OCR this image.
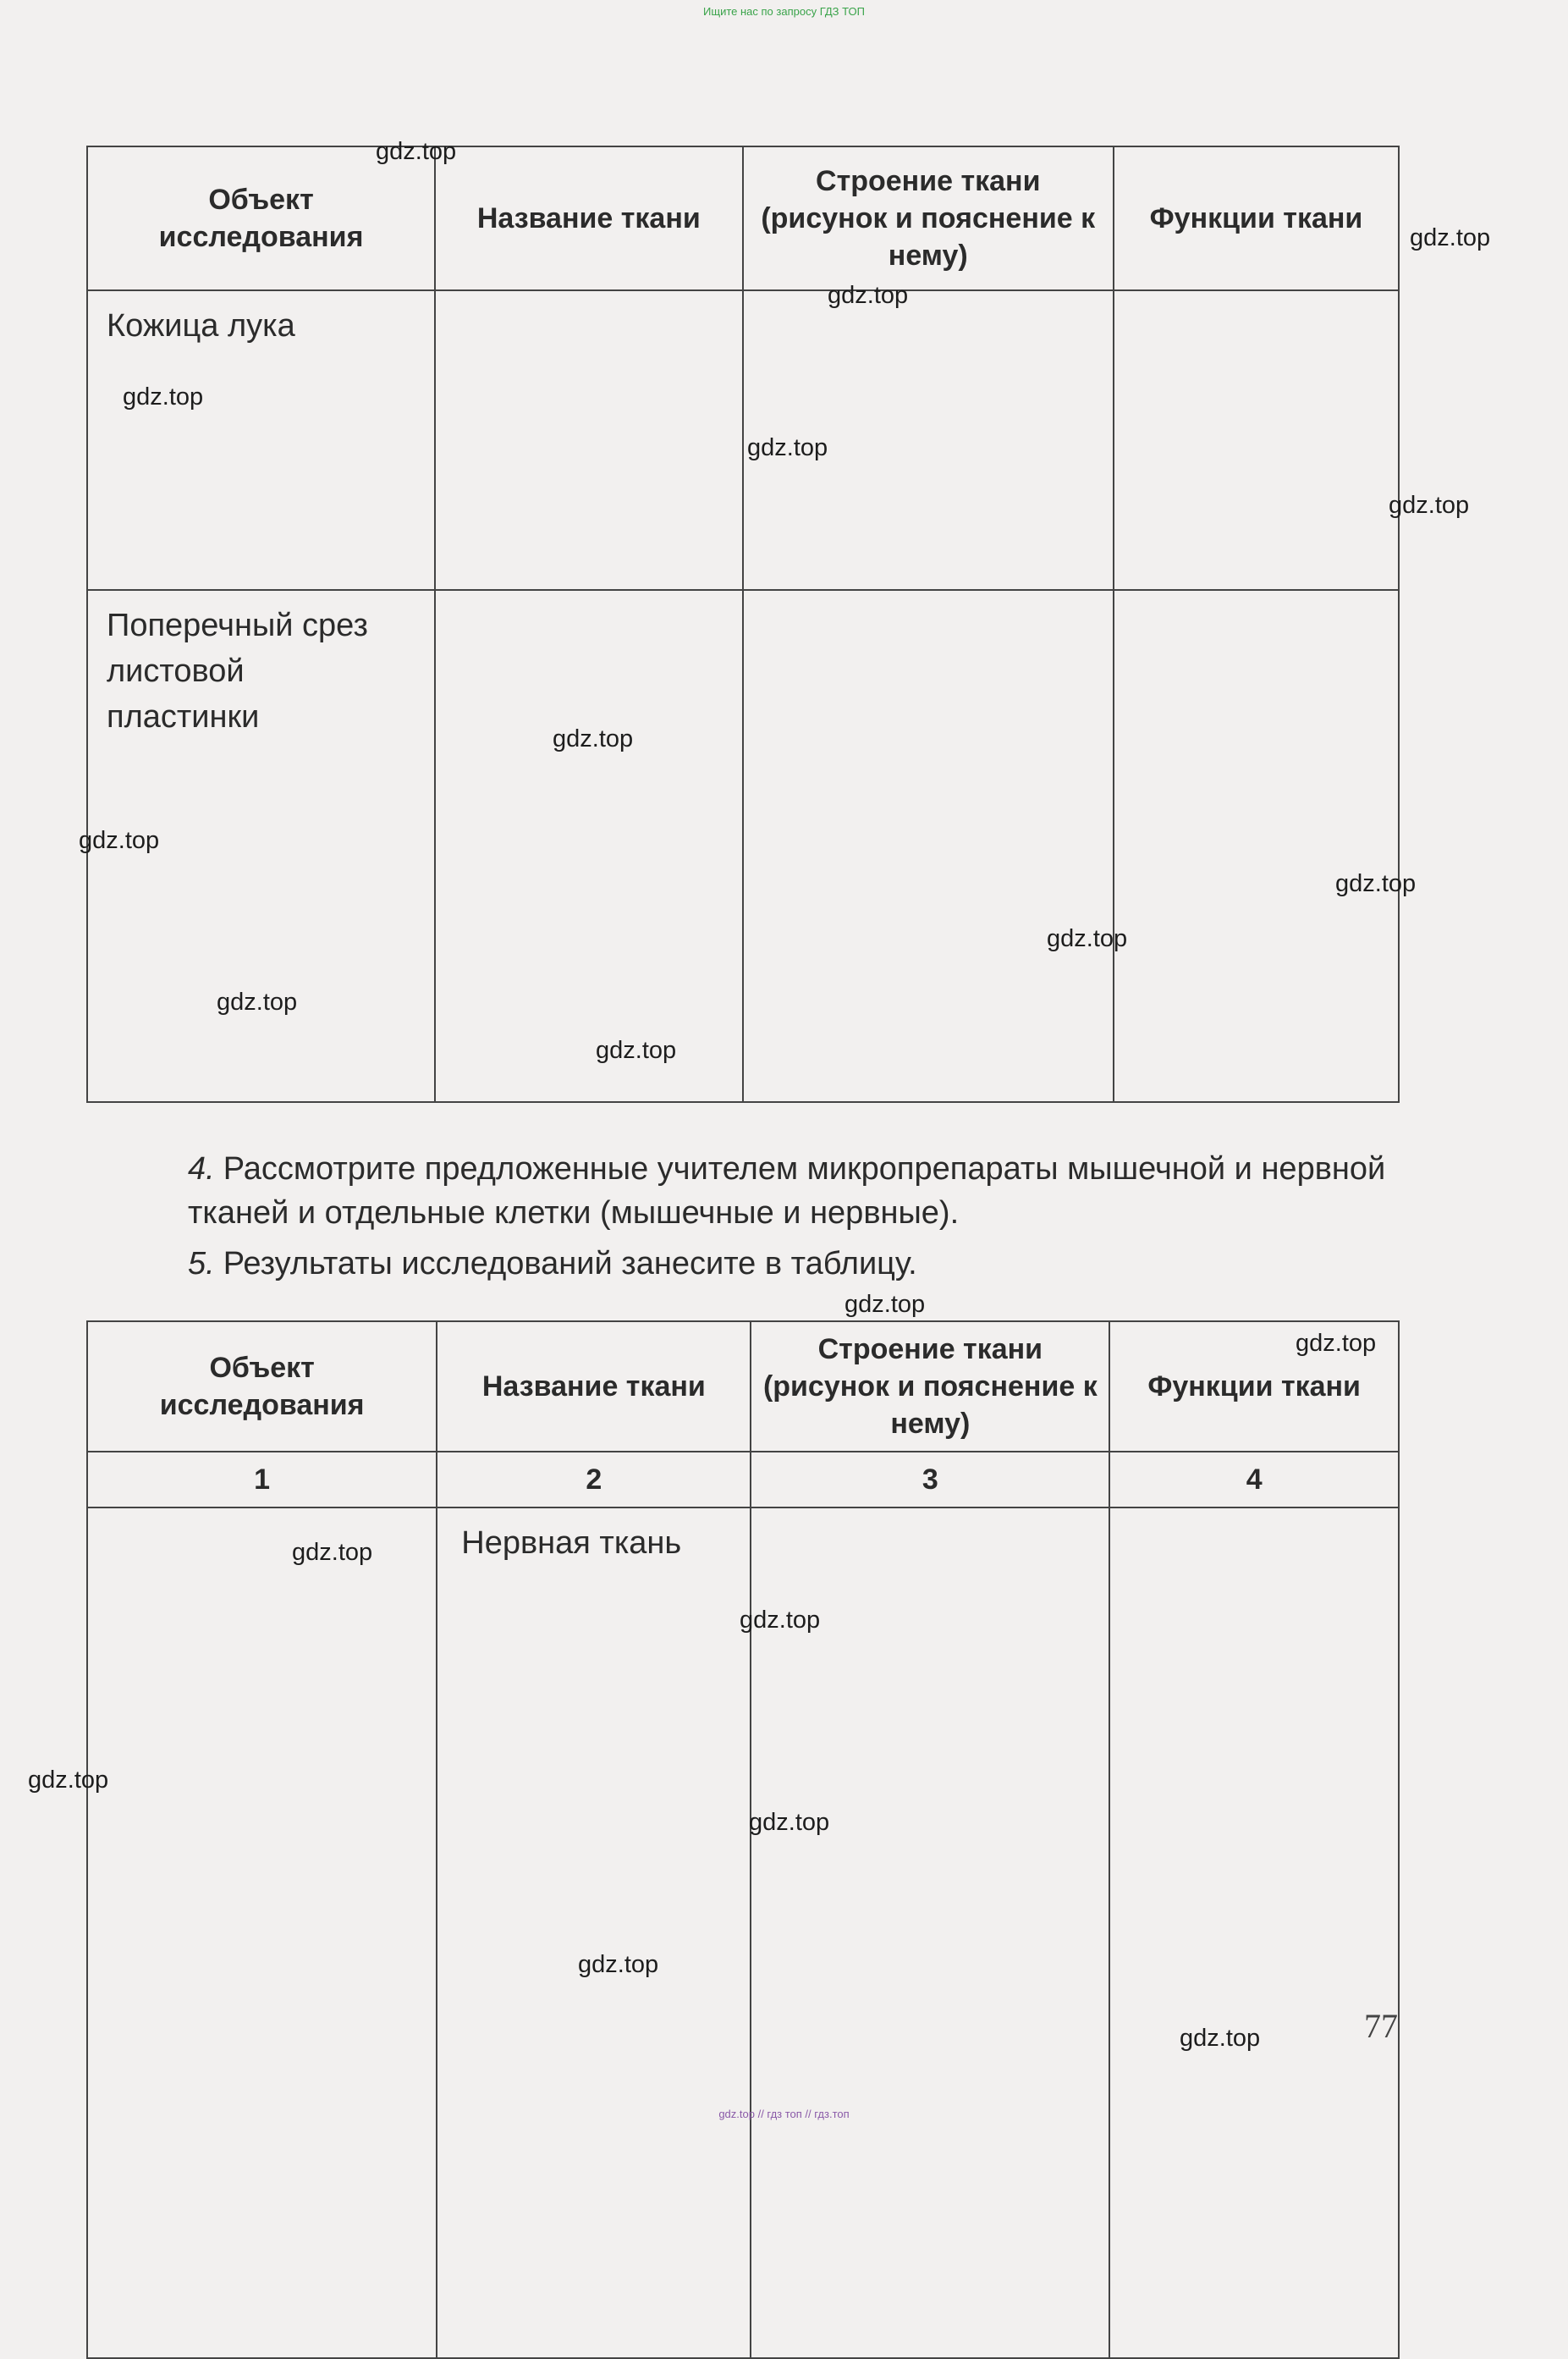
Ищите нас по запросу ГДЗ ТОП
Объект исследования	Название ткани	Строение ткани (рисунок и пояснение к нему)	Функции ткани
Кожица лука			
Поперечный срез листовой пластинки			

4. Рассмотрите предложенные учителем микропрепараты мышечной и нервной тканей и отдельные клетки (мышечные и нервные).

5. Результаты исследований занесите в таблицу.

Объект исследования	Название ткани	Строение ткани (рисунок и пояснение к нему)	Функции ткани
1	2	3	4
	Нервная ткань		
gdz.top
gdz.top
gdz.top
gdz.top
gdz.top
gdz.top
gdz.top
gdz.top
gdz.top
gdz.top
gdz.top
gdz.top
gdz.top
gdz.top
gdz.top
gdz.top
gdz.top
gdz.top
gdz.top
gdz.top	77
gdz.top // гдз топ // гдз.топ
